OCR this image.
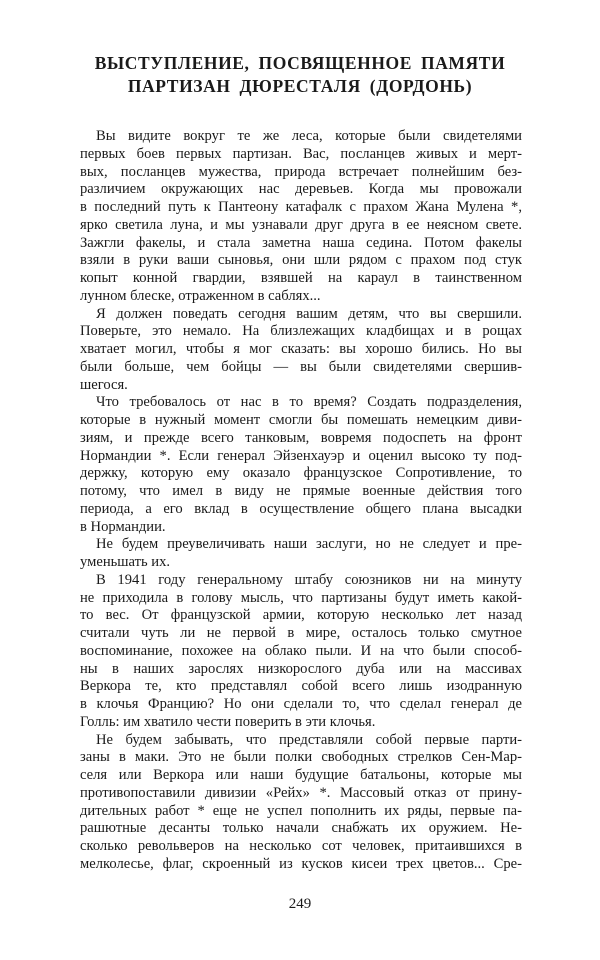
ВЫСТУПЛЕНИЕ, ПОСВЯЩЕННОЕ ПАМЯТИ
ПАРТИЗАН ДЮРЕСТАЛЯ (ДОРДОНЬ)
Вы видите вокруг те же леса, которые были свидетелями
первых боев первых партизан. Вас, посланцев живых и мерт-
вых, посланцев мужества, природа встречает полнейшим без-
различием окружающих нас деревьев. Когда мы провожали
в последний путь к Пантеону катафалк с прахом Жана Мулена *,
ярко светила луна, и мы узнавали друг друга в ее неясном свете.
Зажгли факелы, и стала заметна наша седина. Потом факелы
взяли в руки ваши сыновья, они шли рядом с прахом под стук
копыт конной гвардии, взявшей на караул в таинственном
лунном блеске, отраженном в саблях...
Я должен поведать сегодня вашим детям, что вы свершили.
Поверьте, это немало. На близлежащих кладбищах и в рощах
хватает могил, чтобы я мог сказать: вы хорошо бились. Но вы
были больше, чем бойцы — вы были свидетелями свершив-
шегося.
Что требовалось от нас в то время? Создать подразделения,
которые в нужный момент смогли бы помешать немецким диви-
зиям, и прежде всего танковым, вовремя подоспеть на фронт
Нормандии *. Если генерал Эйзенхауэр и оценил высоко ту под-
держку, которую ему оказало французское Сопротивление, то
потому, что имел в виду не прямые военные действия того
периода, а его вклад в осуществление общего плана высадки
в Нормандии.
Не будем преувеличивать наши заслуги, но не следует и пре-
уменьшать их.
В 1941 году генеральному штабу союзников ни на минуту
не приходила в голову мысль, что партизаны будут иметь какой-
то вес. От французской армии, которую несколько лет назад
считали чуть ли не первой в мире, осталось только смутное
воспоминание, похожее на облако пыли. И на что были способ-
ны в наших зарослях низкорослого дуба или на массивах
Веркора те, кто представлял собой всего лишь изодранную
в клочья Францию? Но они сделали то, что сделал генерал де
Голль: им хватило чести поверить в эти клочья.
Не будем забывать, что представляли собой первые парти-
заны в маки. Это не были полки свободных стрелков Сен-Мар-
селя или Веркора или наши будущие батальоны, которые мы
противопоставили дивизии «Рейх» *. Массовый отказ от прину-
дительных работ * еще не успел пополнить их ряды, первые па-
рашютные десанты только начали снабжать их оружием. Не-
сколько револьверов на несколько сот человек, притаившихся в
мелколесье, флаг, скроенный из кусков кисеи трех цветов... Сре-
249
